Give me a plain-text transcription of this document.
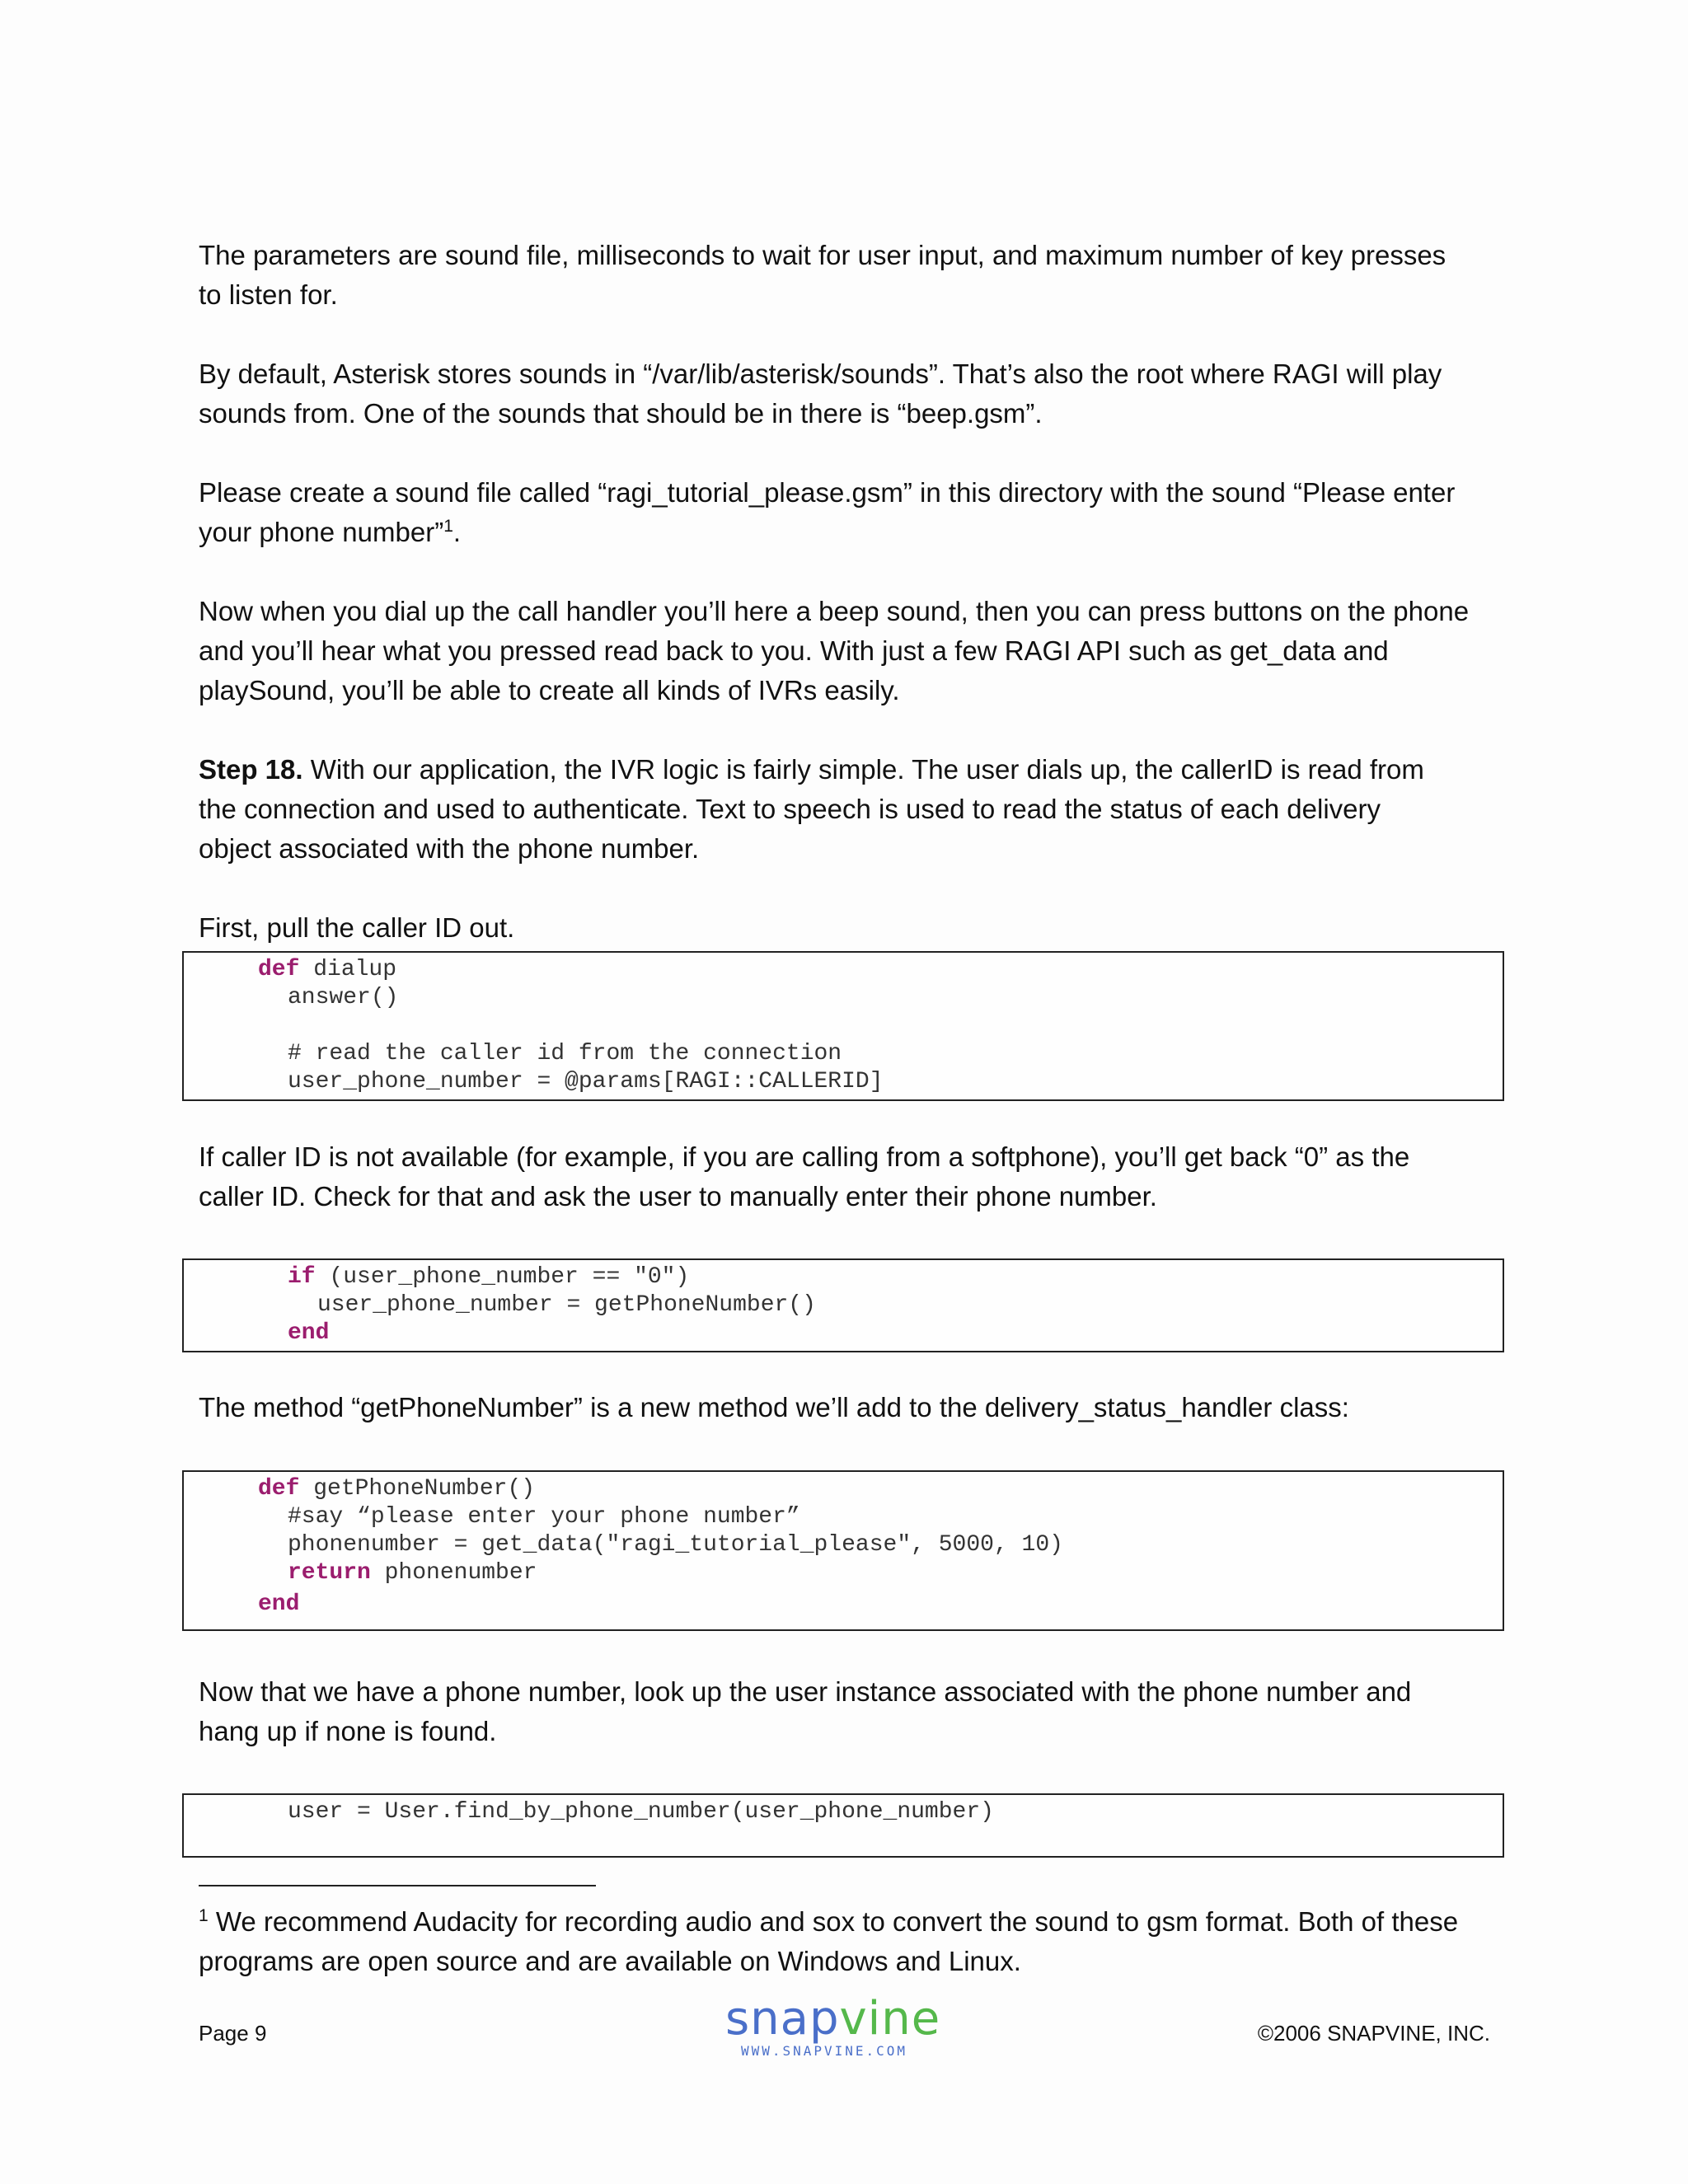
The parameters are sound file, milliseconds to wait for user input, and maximum number of key presses
to listen for.

By default, Asterisk stores sounds in “/var/lib/asterisk/sounds”. That’s also the root where RAGI will play
sounds from. One of the sounds that should be in there is “beep.gsm”.

Please create a sound file called “ragi_tutorial_please.gsm” in this directory with the sound “Please enter
your phone number”$^1$.

Now when you dial up the call handler you’ll here a beep sound, then you can press buttons on the phone
and you’ll hear what you pressed read back to you. With just a few RAGI API such as get_data and
playSound, you’ll be able to create all kinds of IVRs easily.

Step 18. With our application, the IVR logic is fairly simple. The user dials up, the callerID is read from
the connection and used to authenticate. Text to speech is used to read the status of each delivery
object associated with the phone number.

First, pull the caller ID out.

def dialup
answer()
# read the caller id from the connection
user_phone_number = @params[RAGI::CALLERID]

If caller ID is not available (for example, if you are calling from a softphone), you’ll get back “0” as the
caller ID. Check for that and ask the user to manually enter their phone number.

if (user_phone_number == "0")
user_phone_number = getPhoneNumber()
end

The method “getPhoneNumber” is a new method we’ll add to the delivery_status_handler class:

def getPhoneNumber()
#say “please enter your phone number”
phonenumber = get_data("ragi_tutorial_please", 5000, 10)
return phonenumber
end

Now that we have a phone number, look up the user instance associated with the phone number and
hang up if none is found.

user = User.find_by_phone_number(user_phone_number)

$^1$ We recommend Audacity for recording audio and sox to convert the sound to gsm format. Both of these
programs are open source and are available on Windows and Linux.

Page 9	snapvine
WWW.SNAPVINE.COM
©2006 SNAPVINE, INC.
